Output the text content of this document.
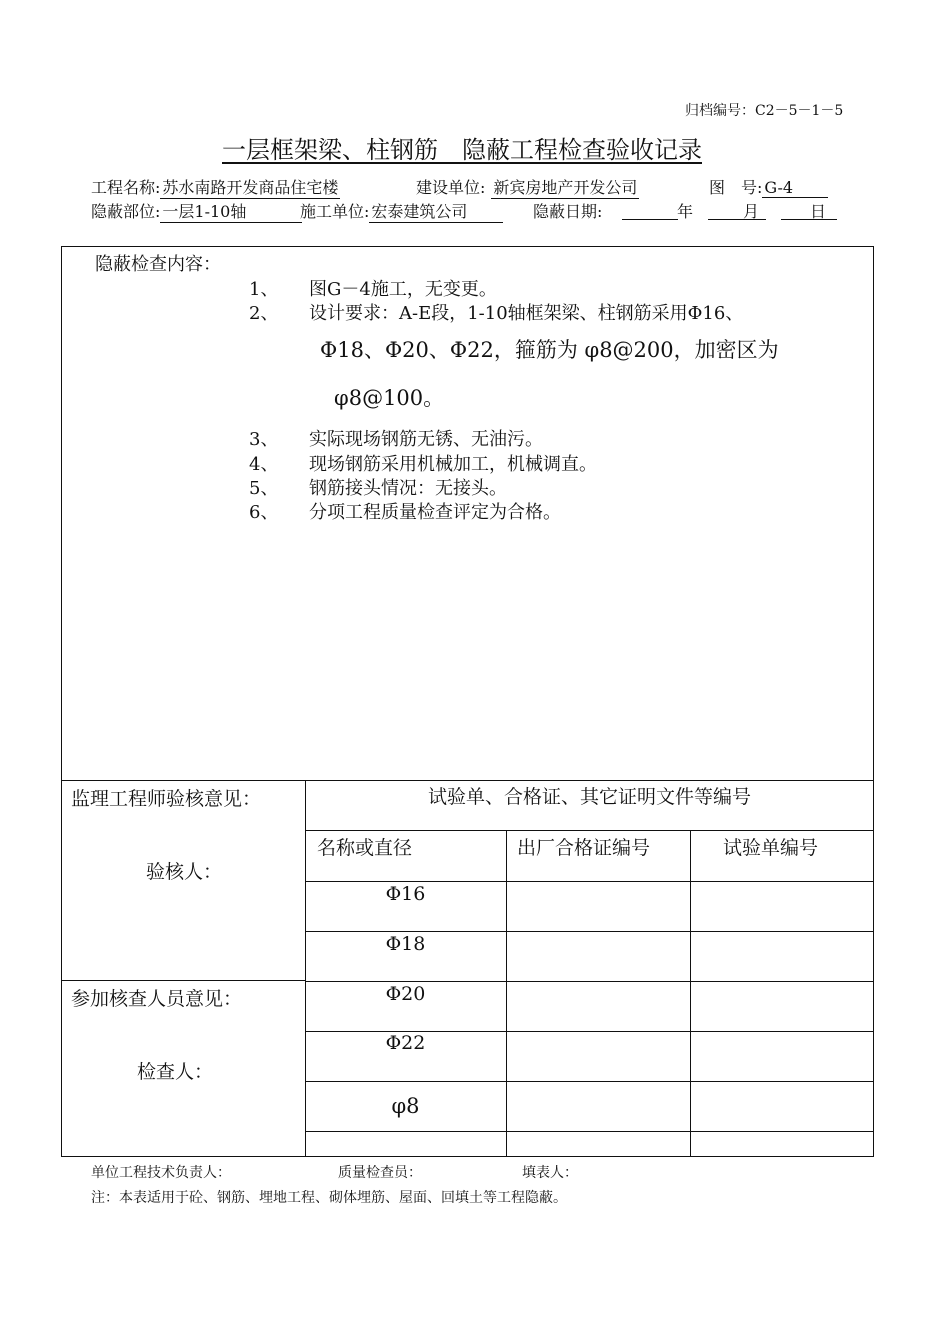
归档编号：C2－5－1－5
一层框架梁、柱钢筋　隐蔽工程检查验收记录
工程名称: 苏水南路开发商品住宅楼	建设单位: 新宾房地产开发公司	图　号: G-4
隐蔽部位: 一层1-10轴	施工单位: 宏泰建筑公司	隐蔽日期:	年	月	日
隐蔽检查内容：
1、 图G－4施工，无变更。
2、 设计要求：A-E段，1-10轴框架梁、柱钢筋采用Φ16、
Φ18、Φ20、Φ22，箍筋为 φ8@200，加密区为
φ8@100。
3、 实际现场钢筋无锈、无油污。
4、 现场钢筋采用机械加工，机械调直。
5、 钢筋接头情况：无接头。
6、 分项工程质量检查评定为合格。
监理工程师验核意见：
验核人：
参加核查人员意见：
检查人：
试验单、合格证、其它证明文件等编号
名称或直径	出厂合格证编号	试验单编号
Φ16
Φ18
Φ20
Φ22
φ8
单位工程技术负责人：	质量检查员：	填表人：
注：本表适用于砼、钢筋、埋地工程、砌体埋筋、屋面、回填土等工程隐蔽。
